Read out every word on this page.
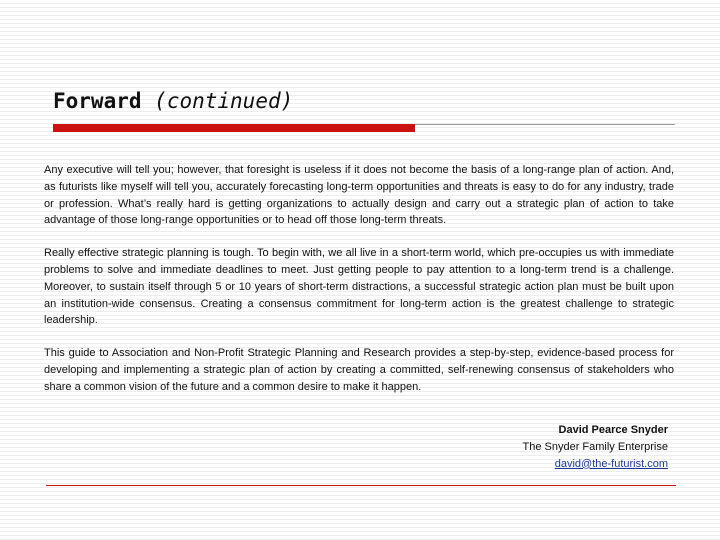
Forward (continued)

Any executive will tell you; however, that foresight is useless if it does not become the basis of a long-range plan of action. And, as futurists like myself will tell you, accurately forecasting long-term opportunities and threats is easy to do for any industry, trade or profession. What’s really hard is getting organizations to actually design and carry out a strategic plan of action to take advantage of those long-range opportunities or to head off those long-term threats.

Really effective strategic planning is tough. To begin with, we all live in a short-term world, which pre-occupies us with immediate problems to solve and immediate deadlines to meet. Just getting people to pay attention to a long-term trend is a challenge. Moreover, to sustain itself through 5 or 10 years of short-term distractions, a successful strategic action plan must be built upon an institution-wide consensus. Creating a consensus commitment for long-term action is the greatest challenge to strategic leadership.

This guide to Association and Non-Profit Strategic Planning and Research provides a step-by-step, evidence-based process for developing and implementing a strategic plan of action by creating a committed, self-renewing consensus of stakeholders who share a common vision of the future and a common desire to make it happen.

David Pearce Snyder
The Snyder Family Enterprise
david@the-futurist.com
